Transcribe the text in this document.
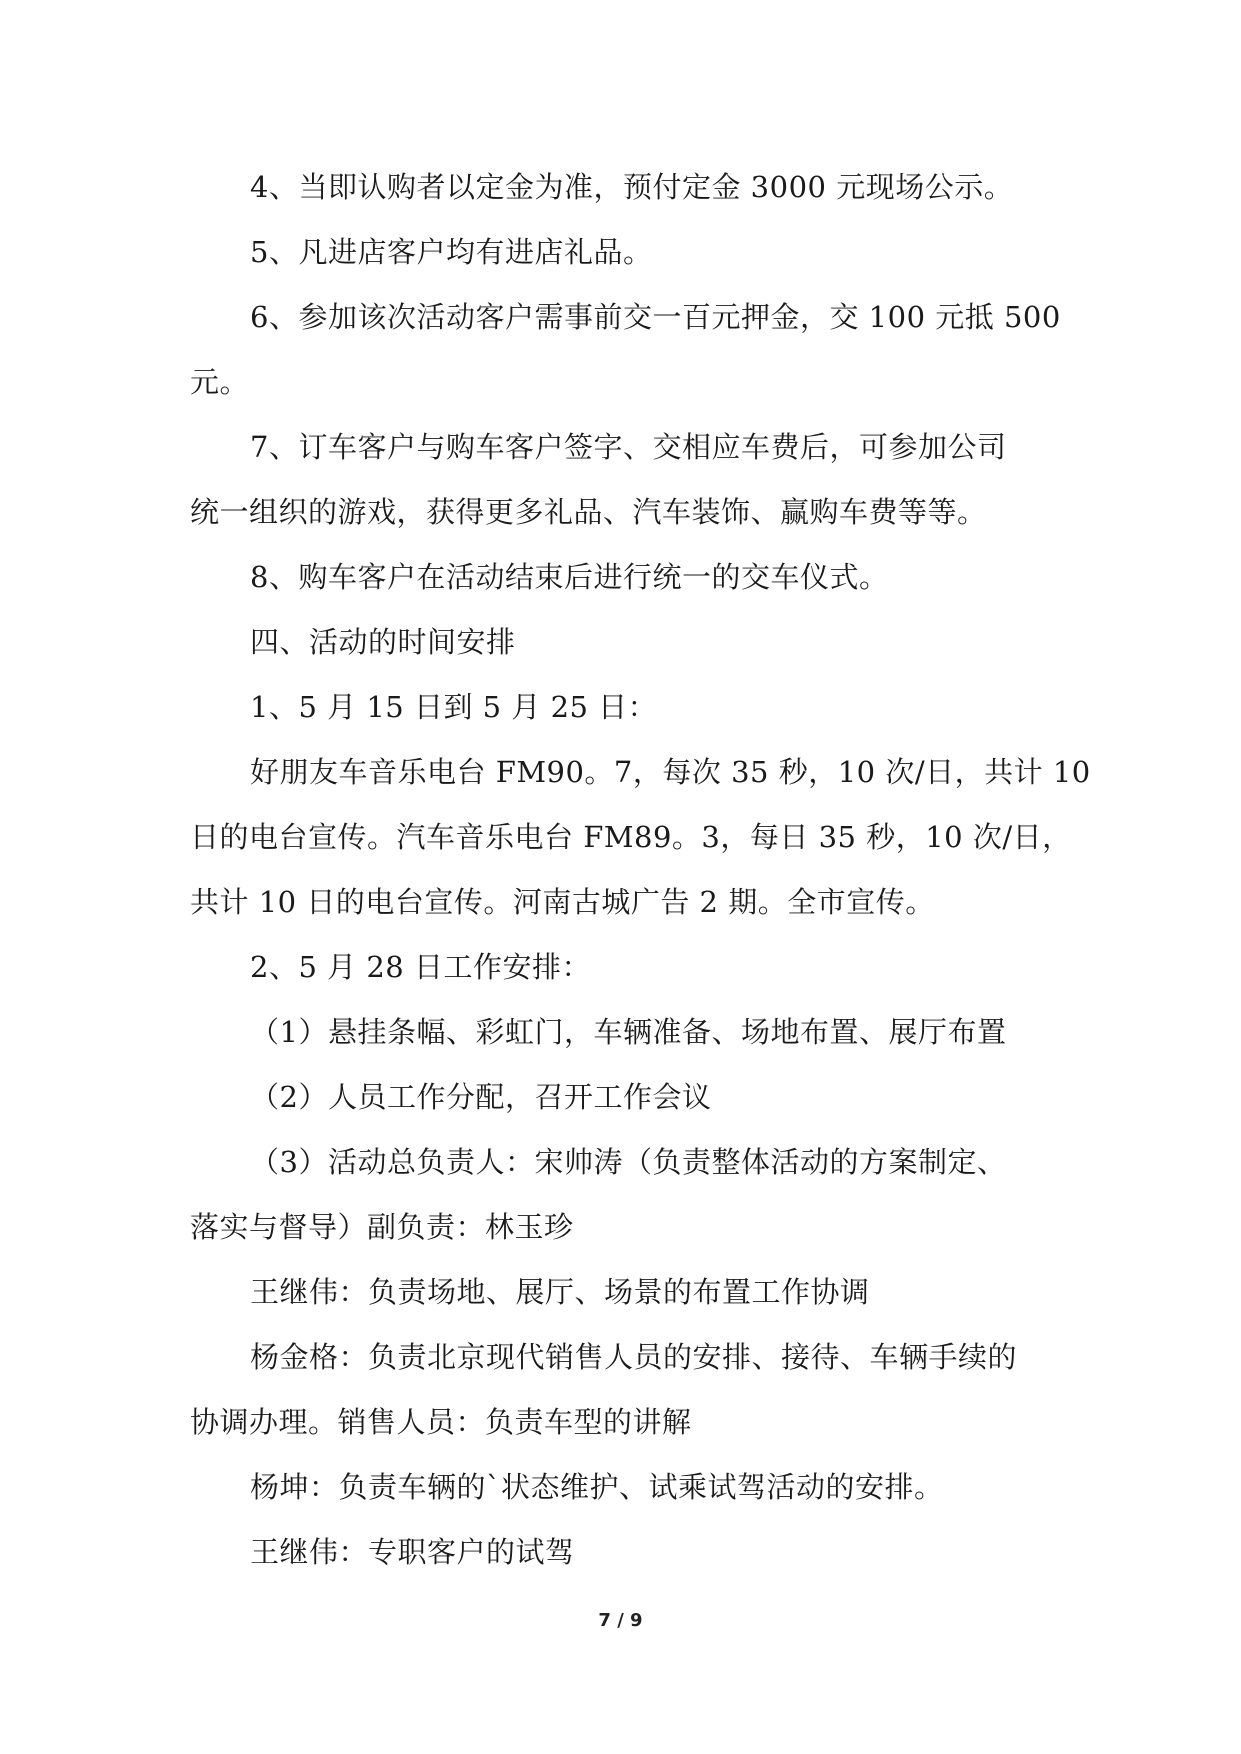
4、当即认购者以定金为准，预付定金 3000 元现场公示。
5、凡进店客户均有进店礼品。
6、参加该次活动客户需事前交一百元押金，交 100 元抵 500
元。
7、订车客户与购车客户签字、交相应车费后，可参加公司
统一组织的游戏，获得更多礼品、汽车装饰、赢购车费等等。
8、购车客户在活动结束后进行统一的交车仪式。
四、活动的时间安排
1、5 月 15 日到 5 月 25 日：
好朋友车音乐电台 FM90。7，每次 35 秒，10 次/日，共计 10
日的电台宣传。汽车音乐电台 FM89。3，每日 35 秒，10 次/日，
共计 10 日的电台宣传。河南古城广告 2 期。全市宣传。
2、5 月 28 日工作安排：
（1）悬挂条幅、彩虹门，车辆准备、场地布置、展厅布置
（2）人员工作分配，召开工作会议
（3）活动总负责人：宋帅涛（负责整体活动的方案制定、
落实与督导）副负责：林玉珍
王继伟：负责场地、展厅、场景的布置工作协调
杨金格：负责北京现代销售人员的安排、接待、车辆手续的
协调办理。销售人员：负责车型的讲解
杨坤：负责车辆的`状态维护、试乘试驾活动的安排。
王继伟：专职客户的试驾
7 / 9
